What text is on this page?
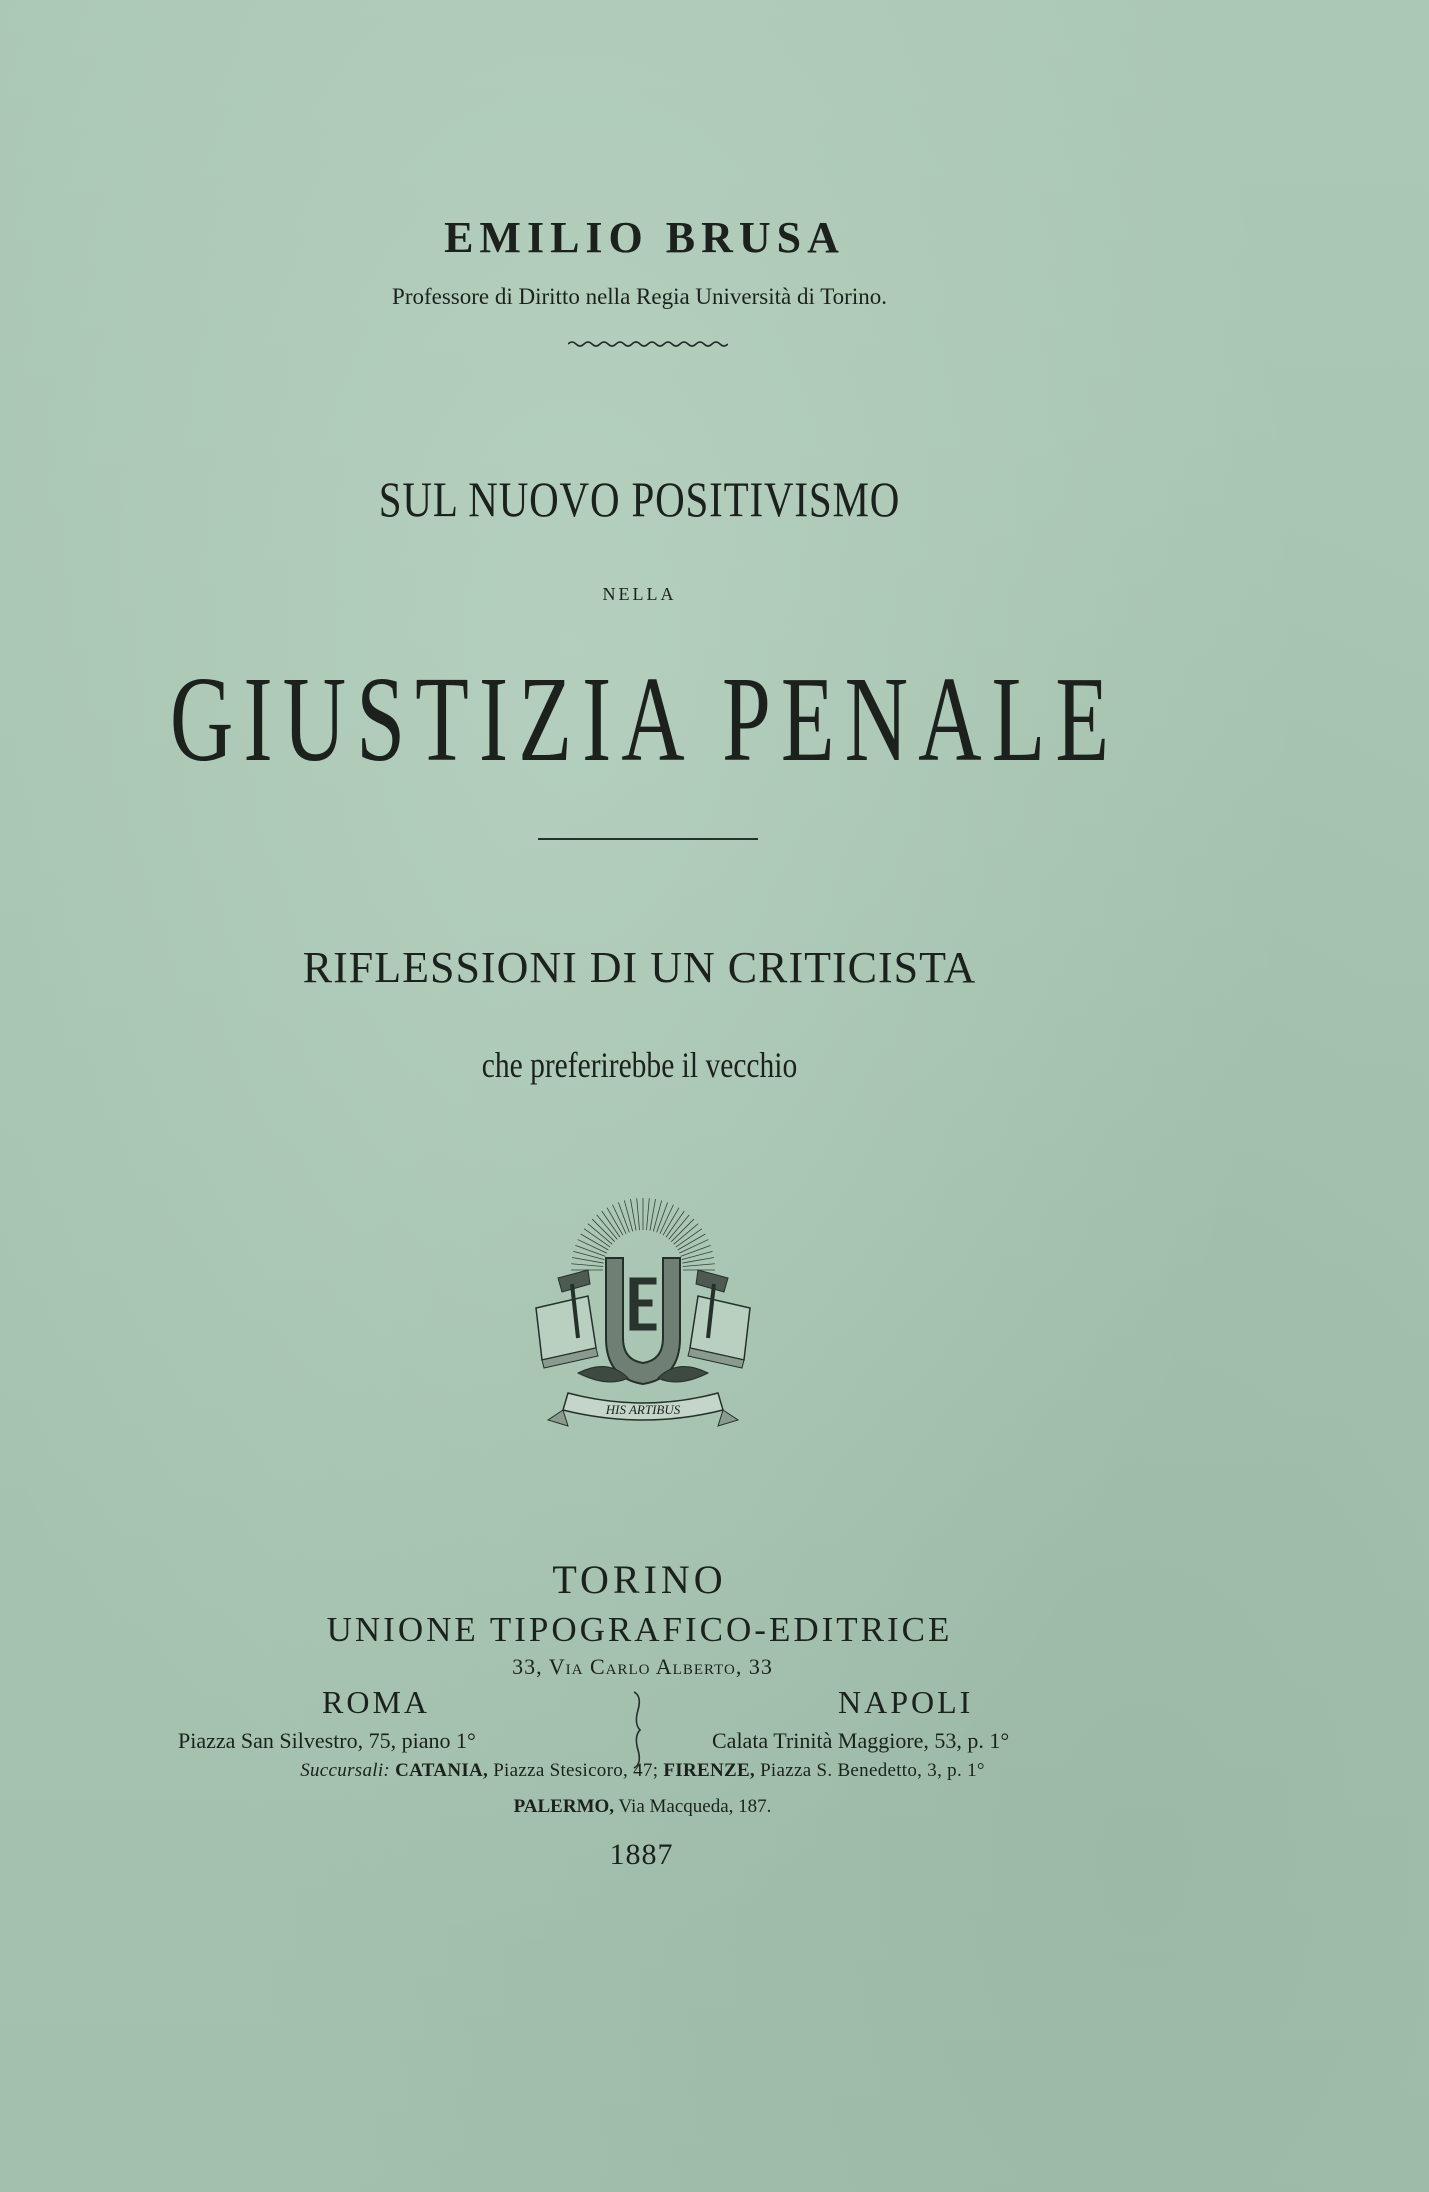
EMILIO BRUSA

Professore di Diritto nella Regia Università di Torino.

SUL NUOVO POSITIVISMO

NELLA

GIUSTIZIA PENALE

RIFLESSIONI DI UN CRITICISTA

che preferirebbe il vecchio

HIS ARTIBUS

TORINO

UNIONE TIPOGRAFICO-EDITRICE

33, Via Carlo Alberto, 33

ROMA

Piazza San Silvestro, 75, piano 1°

NAPOLI

Calata Trinità Maggiore, 53, p. 1°

Succursali: CATANIA, Piazza Stesicoro, 47; FIRENZE, Piazza S. Benedetto, 3, p. 1°

PALERMO, Via Macqueda, 187.

1887
